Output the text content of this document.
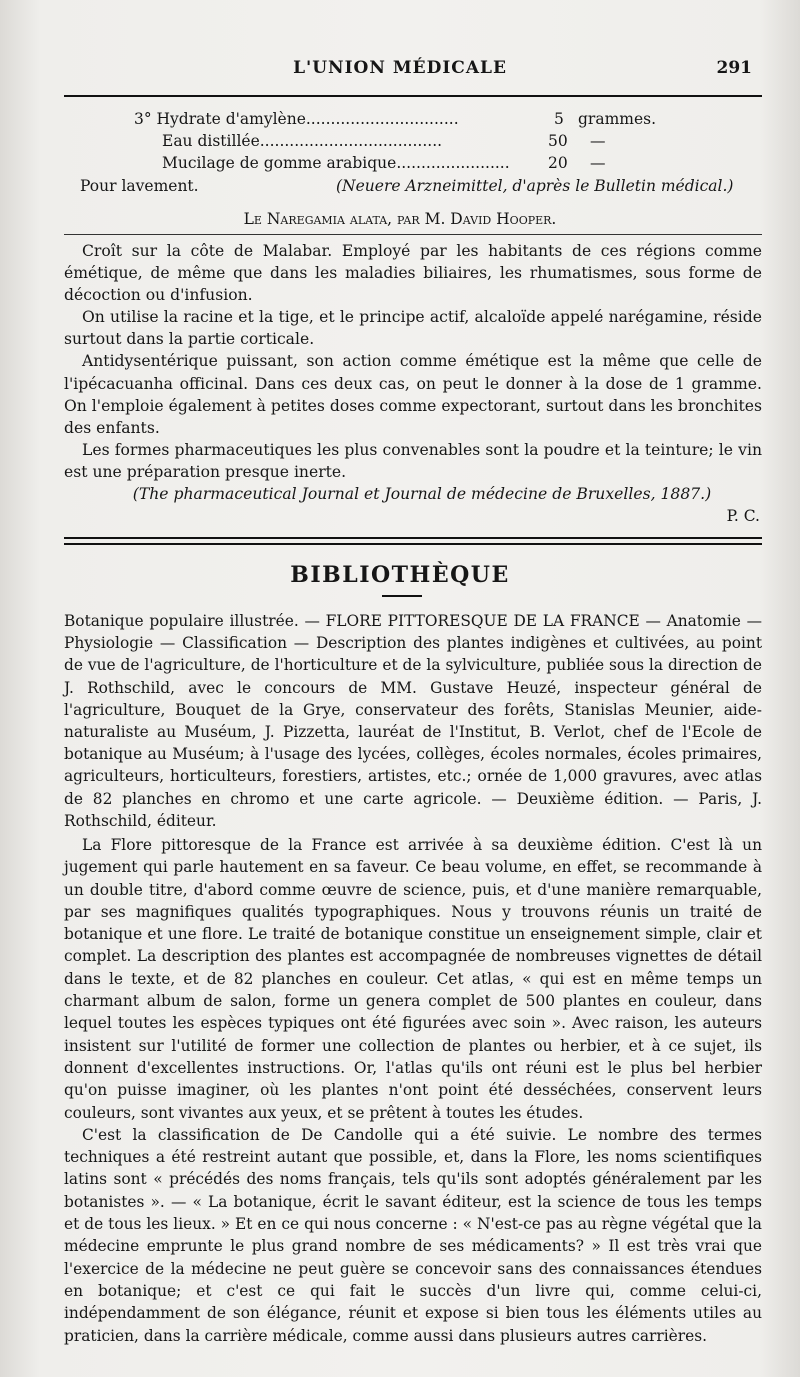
L'UNION MÉDICALE	291
3° Hydrate d'amylène...............................	5 grammes.
Eau distillée.....................................	50 —
Mucilage de gomme arabique....................... 20 —
Pour lavement.	(Neuere Arzneimittel, d'après le Bulletin médical.)
Le Naregamia alata, par M. David Hooper.

Croît sur la côte de Malabar. Employé par les habitants de ces régions comme émétique, de même que dans les maladies biliaires, les rhumatismes, sous forme de décoction ou d'infusion.

On utilise la racine et la tige, et le principe actif, alcaloïde appelé narégamine, réside surtout dans la partie corticale.

Antidysentérique puissant, son action comme émétique est la même que celle de l'ipécacuanha officinal. Dans ces deux cas, on peut le donner à la dose de 1 gramme. On l'emploie également à petites doses comme expectorant, surtout dans les bronchites des enfants.

Les formes pharmaceutiques les plus convenables sont la poudre et la teinture; le vin est une préparation presque inerte.

(The pharmaceutical Journal et Journal de médecine de Bruxelles, 1887.)

P. C.
BIBLIOTHÈQUE

Botanique populaire illustrée. — FLORE PITTORESQUE DE LA FRANCE — Anatomie — Physiologie — Classification — Description des plantes indigènes et cultivées, au point de vue de l'agriculture, de l'horticulture et de la sylviculture, publiée sous la direction de J. Rothschild, avec le concours de MM. Gustave Heuzé, inspecteur général de l'agriculture, Bouquet de la Grye, conservateur des forêts, Stanislas Meunier, aide-naturaliste au Muséum, J. Pizzetta, lauréat de l'Institut, B. Verlot, chef de l'Ecole de botanique au Muséum; à l'usage des lycées, collèges, écoles normales, écoles primaires, agriculteurs, horticulteurs, forestiers, artistes, etc.; ornée de 1,000 gravures, avec atlas de 82 planches en chromo et une carte agricole. — Deuxième édition. — Paris, J. Rothschild, éditeur.

La Flore pittoresque de la France est arrivée à sa deuxième édition. C'est là un jugement qui parle hautement en sa faveur. Ce beau volume, en effet, se recommande à un double titre, d'abord comme œuvre de science, puis, et d'une manière remarquable, par ses magnifiques qualités typographiques. Nous y trouvons réunis un traité de botanique et une flore. Le traité de botanique constitue un enseignement simple, clair et complet. La description des plantes est accompagnée de nombreuses vignettes de détail dans le texte, et de 82 planches en couleur. Cet atlas, « qui est en même temps un charmant album de salon, forme un genera complet de 500 plantes en couleur, dans lequel toutes les espèces typiques ont été figurées avec soin ». Avec raison, les auteurs insistent sur l'utilité de former une collection de plantes ou herbier, et à ce sujet, ils donnent d'excellentes instructions. Or, l'atlas qu'ils ont réuni est le plus bel herbier qu'on puisse imaginer, où les plantes n'ont point été desséchées, conservent leurs couleurs, sont vivantes aux yeux, et se prêtent à toutes les études.

C'est la classification de De Candolle qui a été suivie. Le nombre des termes techniques a été restreint autant que possible, et, dans la Flore, les noms scientifiques latins sont « précédés des noms français, tels qu'ils sont adoptés généralement par les botanistes ». — « La botanique, écrit le savant éditeur, est la science de tous les temps et de tous les lieux. » Et en ce qui nous concerne : « N'est-ce pas au règne végétal que la médecine emprunte le plus grand nombre de ses médicaments? » Il est très vrai que l'exercice de la médecine ne peut guère se concevoir sans des connaissances étendues en botanique; et c'est ce qui fait le succès d'un livre qui, comme celui-ci, indépendamment de son élégance, réunit et expose si bien tous les éléments utiles au praticien, dans la carrière médicale, comme aussi dans plusieurs autres carrières.
